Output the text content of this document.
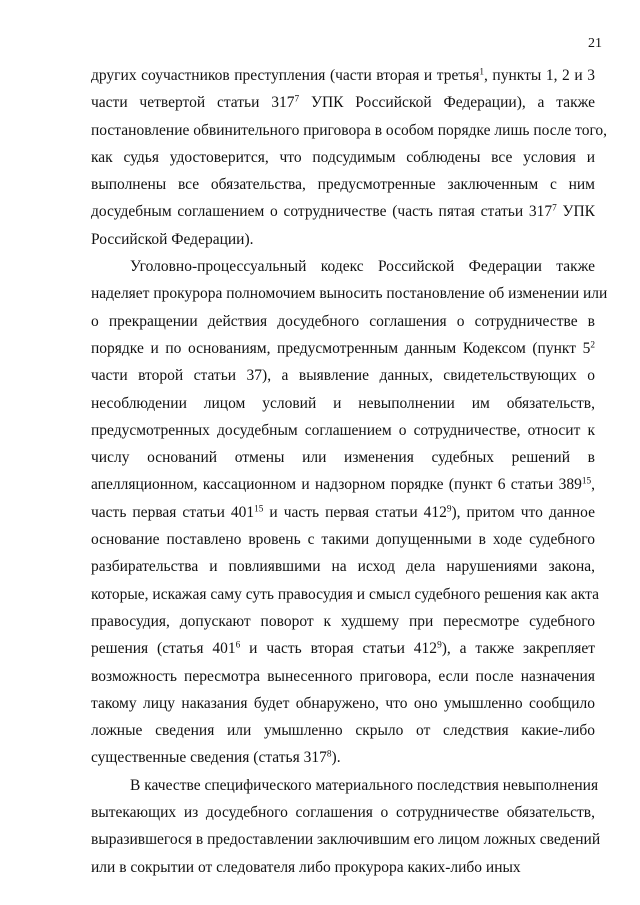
21
других соучастников преступления (части вторая и третья$^1$, пункты 1, 2 и 3
части четвертой статьи $317^7$ УПК Российской Федерации), а также
постановление обвинительного приговора в особом порядке лишь после того,
как судья удостоверится, что подсудимым соблюдены все условия и
выполнены все обязательства, предусмотренные заключенным с ним
досудебным соглашением о сотрудничестве (часть пятая статьи $317^7$ УПК
Российской Федерации).
Уголовно-процессуальный кодекс Российской Федерации также
наделяет прокурора полномочием выносить постановление об изменении или
о прекращении действия досудебного соглашения о сотрудничестве в
порядке и по основаниям, предусмотренным данным Кодексом (пункт $5^2$
части второй статьи 37), а выявление данных, свидетельствующих о
несоблюдении лицом условий и невыполнении им обязательств,
предусмотренных досудебным соглашением о сотрудничестве, относит к
числу оснований отмены или изменения судебных решений в
апелляционном, кассационном и надзорном порядке (пункт 6 статьи $389^{15}$,
часть первая статьи $401^{15}$ и часть первая статьи $412^9$), притом что данное
основание поставлено вровень с такими допущенными в ходе судебного
разбирательства и повлиявшими на исход дела нарушениями закона,
которые, искажая саму суть правосудия и смысл судебного решения как акта
правосудия, допускают поворот к худшему при пересмотре судебного
решения (статья $401^6$ и часть вторая статьи $412^9$), а также закрепляет
возможность пересмотра вынесенного приговора, если после назначения
такому лицу наказания будет обнаружено, что оно умышленно сообщило
ложные сведения или умышленно скрыло от следствия какие-либо
существенные сведения (статья $317^8$).
В качестве специфического материального последствия невыполнения
вытекающих из досудебного соглашения о сотрудничестве обязательств,
выразившегося в предоставлении заключившим его лицом ложных сведений
или в сокрытии от следователя либо прокурора каких-либо иных
